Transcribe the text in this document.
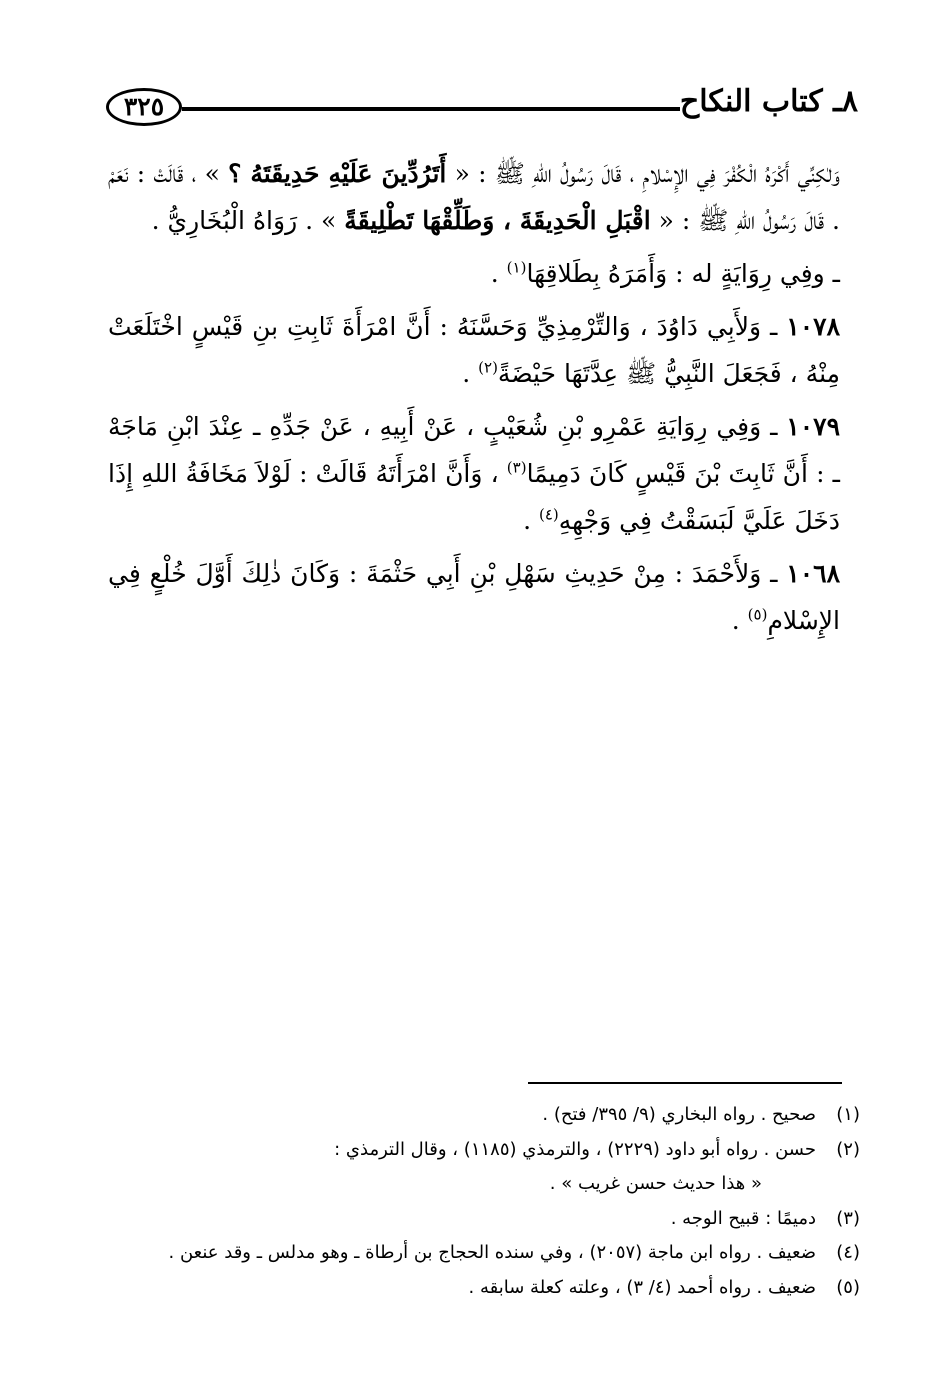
٣٢٥	٨ـ كتاب النكاح

وَلٰكِنِّي أَكْرَهُ الْكُفْرَ فِي الإِسْلامِ ، قَالَ رَسُولُ اللهِ ﷺ : « أَتَرُدِّينَ عَلَيْهِ حَدِيقَتَهُ ؟ » ، قَالَتْ : نَعَمْ . قَالَ رَسُولُ اللهِ ﷺ : « اقْبَلِ الْحَدِيقَةَ ، وَطَلِّقْهَا تَطْلِيقَةً » . رَوَاهُ الْبُخَارِيُّ .

ـ وفِي رِوَايَةٍ له : وَأَمَرَهُ بِطَلاقِهَا$^{(١)}$ .

١٠٧٨ ـ وَلأَبِي دَاوُدَ ، وَالتِّرْمِذِيِّ وَحَسَّنَهُ : أَنَّ امْرَأَةَ ثَابِتِ بنِ قَيْسٍ اخْتَلَعَتْ مِنْهُ ، فَجَعَلَ النَّبِيُّ ﷺ عِدَّتَهَا حَيْضَةً$^{(٢)}$ .

١٠٧٩ ـ وَفِي رِوَايَةِ عَمْرِو بْنِ شُعَيْبٍ ، عَنْ أَبِيهِ ، عَنْ جَدِّهِ ـ عِنْدَ ابْنِ مَاجَهْ ـ : أَنَّ ثَابِتَ بْنَ قَيْسٍ كَانَ دَمِيمًا$^{(٣)}$ ، وَأَنَّ امْرَأَتَهُ قَالَتْ : لَوْلاَ مَخَافَةُ اللهِ إِذَا دَخَلَ عَلَيَّ لَبَسَقْتُ فِي وَجْهِهِ$^{(٤)}$ .

١٠٦٨ ـ وَلأَحْمَدَ : مِنْ حَدِيثِ سَهْلِ بْنِ أَبِي حَثْمَةَ : وَكَانَ ذٰلِكَ أَوَّلَ خُلْعٍ فِي الإِسْلامِ$^{(٥)}$ .

(١)
صحيح . رواه البخاري (٩/ ٣٩٥/ فتح) .
(٢)
حسن . رواه أبو داود (٢٢٢٩) ، والترمذي (١١٨٥) ، وقال الترمذي :
« هذا حديث حسن غريب » .
(٣)
دميمًا : قبيح الوجه .
(٤)
ضعيف . رواه ابن ماجة (٢٠٥٧) ، وفي سنده الحجاج بن أرطاة ـ وهو مدلس ـ وقد عنعن .
(٥)
ضعيف . رواه أحمد (٤/ ٣) ، وعلته كعلة سابقه .
